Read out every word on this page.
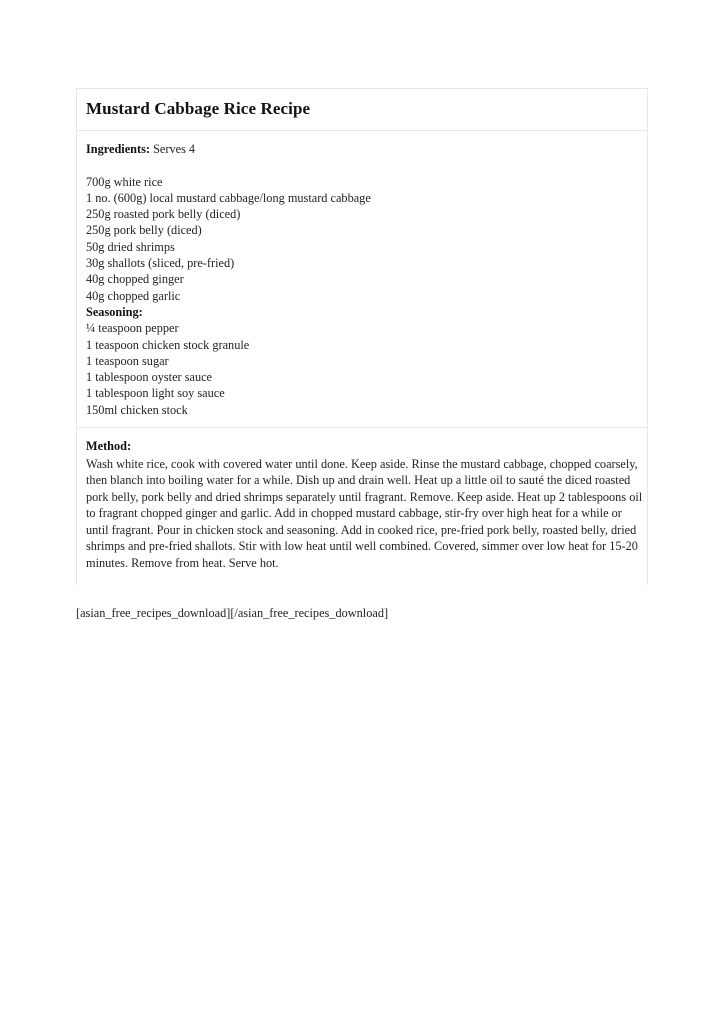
Mustard Cabbage Rice Recipe
Ingredients: Serves 4
700g white rice
1 no. (600g) local mustard cabbage/long mustard cabbage
250g roasted pork belly (diced)
250g pork belly (diced)
50g dried shrimps
30g shallots (sliced, pre-fried)
40g chopped ginger
40g chopped garlic
Seasoning:
¼ teaspoon pepper
1 teaspoon chicken stock granule
1 teaspoon sugar
1 tablespoon oyster sauce
1 tablespoon light soy sauce
150ml chicken stock
Method:
Wash white rice, cook with covered water until done. Keep aside. Rinse the mustard cabbage, chopped coarsely, then blanch into boiling water for a while. Dish up and drain well. Heat up a little oil to sauté the diced roasted pork belly, pork belly and dried shrimps separately until fragrant. Remove. Keep aside. Heat up 2 tablespoons oil to fragrant chopped ginger and garlic. Add in chopped mustard cabbage, stir-fry over high heat for a while or until fragrant. Pour in chicken stock and seasoning. Add in cooked rice, pre-fried pork belly, roasted belly, dried shrimps and pre-fried shallots. Stir with low heat until well combined. Covered, simmer over low heat for 15-20 minutes. Remove from heat. Serve hot.
[asian_free_recipes_download][/asian_free_recipes_download]
